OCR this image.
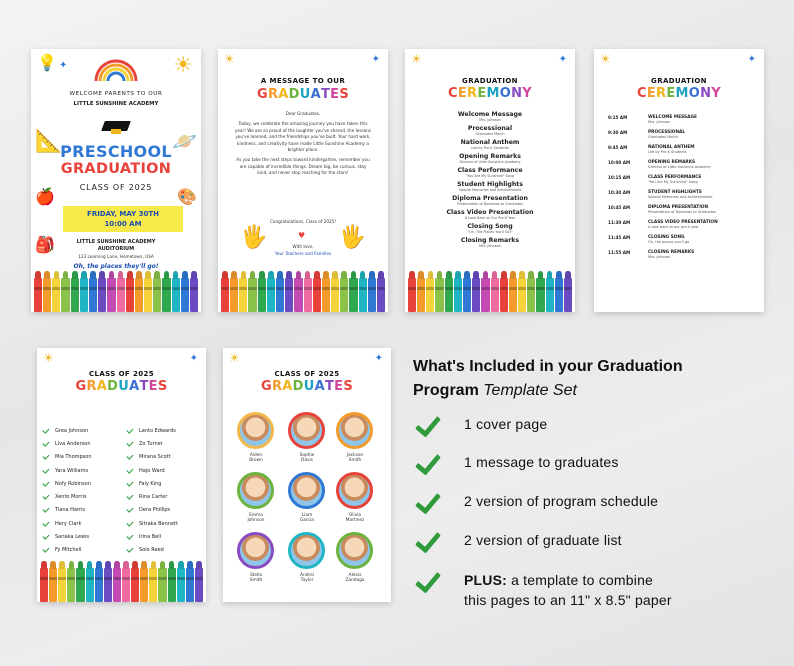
💡	☀
✦
WELCOME PARENTS TO OUR
LITTLE SUNSHINE ACADEMY
PRESCHOOL
GRADUATION
CLASS OF 2025
FRIDAY, MAY 30TH
10:00 AM
LITTLE SUNSHINE ACADEMY
AUDITORIUM
123 Learning Lane, Hometown, USA
Oh, the places they'll go!
📐	🪐
🍎	🎨
🎒
☀	✦
A MESSAGE TO OUR
GRADUATES
Dear Graduates,
Today, we celebrate the amazing journey you have taken this year! We are so proud of the laughter you've shared, the lessons you've learned, and the friendships you've built. Your hard work, kindness, and creativity have made Little Sunshine Academy a brighter place.
As you take the next steps toward kindergarten, remember you are capable of incredible things. Dream big, be curious, stay kind, and never stop reaching for the stars!
Congratulations, Class of 2025!
🖐	🖐
♥
With love,
Your Teachers and Families
☀	✦
GRADUATION
CEREMONY
Welcome Message
Mrs. Johnson
Processional
Graduates March
National Anthem
Led by Pre-K Students
Opening Remarks
Director of Little Sunshine Academy
Class Performance
"You Are My Sunshine" Song
Student Highlights
Special Memories and Achievements
Diploma Presentation
Presentation of Diplomas to Graduates
Class Video Presentation
A Look Back at Our Pre-K Year
Closing Song
"Oh, The Places You'll Go!"
Closing Remarks
Mrs. Johnson
☀	✦
GRADUATION
CEREMONY
9:15 AM	WELCOME MESSAGE
Mrs. Johnson
9:30 AM	PROCESSIONAL
Graduates March
9:45 AM	NATIONAL ANTHEM
Led by Pre-K Students
10:00 AM	OPENING REMARKS
Director of Little Sunshine Academy
10:15 AM	CLASS PERFORMANCE
"You Are My Sunshine" Song
10:30 AM	STUDENT HIGHLIGHTS
Special Memories and Achievements
10:45 AM	DIPLOMA PRESENTATION
Presentation of Diplomas to Graduates
11:30 AM	CLASS VIDEO PRESENTATION
A look back at our pre-k year
11:45 AM	CLOSING SONG
Oh, the places you'll go
11:55 AM	CLOSING REMARKS
Mrs. Johnson
☀	✦
CLASS OF 2025
GRADUATES
Grea Johnson
Liva Anderson
Mia Thompson
Yara Williams
Nofy Robinson
Xento Morris
Tiana Harris
Hery Clark
Sariaka Lewis
Fy Mitchell
Lanto Edwards
Zo Turner
Mirana Scott
Hajo Ward
Faly King
Rina Carter
Dera Phillips
Sitraka Bennett
Irina Bell
Solo Reed
☀	✦
CLASS OF 2025
GRADUATES
Aiden
Brown
Sophie
Davis
Jackson
Smith
Emma
Johnson
Liam
Garcia
Olivia
Martinez
Stella
Smith
Andrei
Taylor
Alexis
Zandaga
What's Included in your Graduation
Program Template Set
1 cover page
1 message to graduates
2 version of program schedule
2 version of graduate list
PLUS: a template to combine
this pages to an 11" x 8.5" paper
